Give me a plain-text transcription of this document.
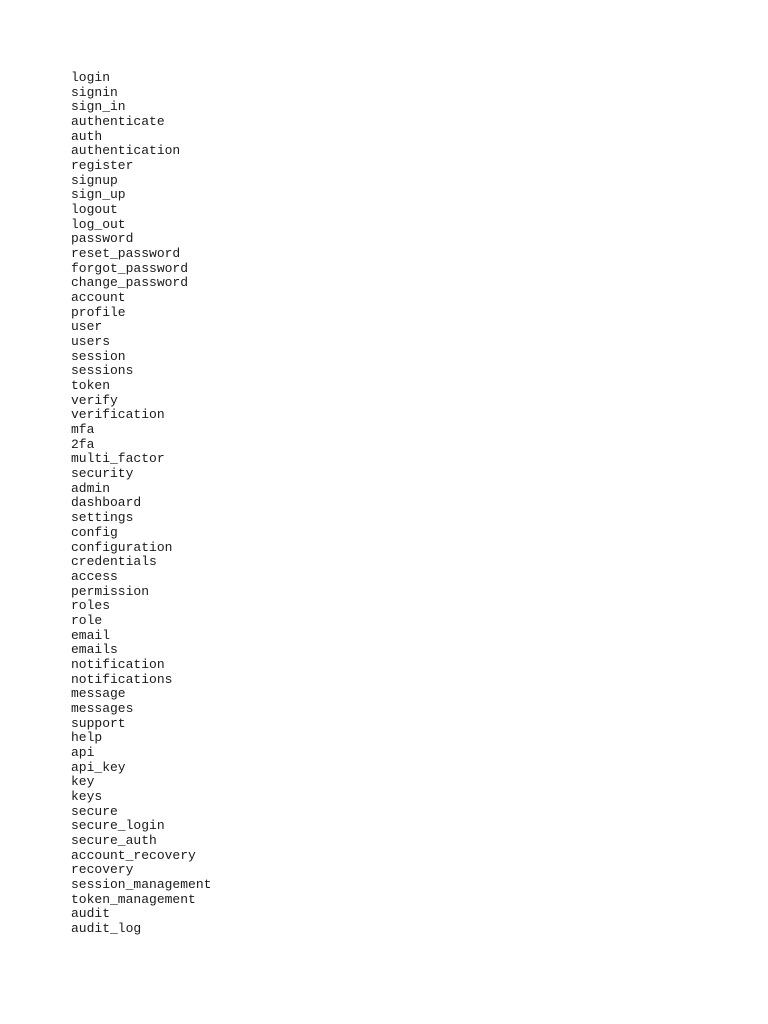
login
signin
sign_in
authenticate
auth
authentication
register
signup
sign_up
logout
log_out
password
reset_password
forgot_password
change_password
account
profile
user
users
session
sessions
token
verify
verification
mfa
2fa
multi_factor
security
admin
dashboard
settings
config
configuration
credentials
access
permission
roles
role
email
emails
notification
notifications
message
messages
support
help
api
api_key
key
keys
secure
secure_login
secure_auth
account_recovery
recovery
session_management
token_management
audit
audit_log
